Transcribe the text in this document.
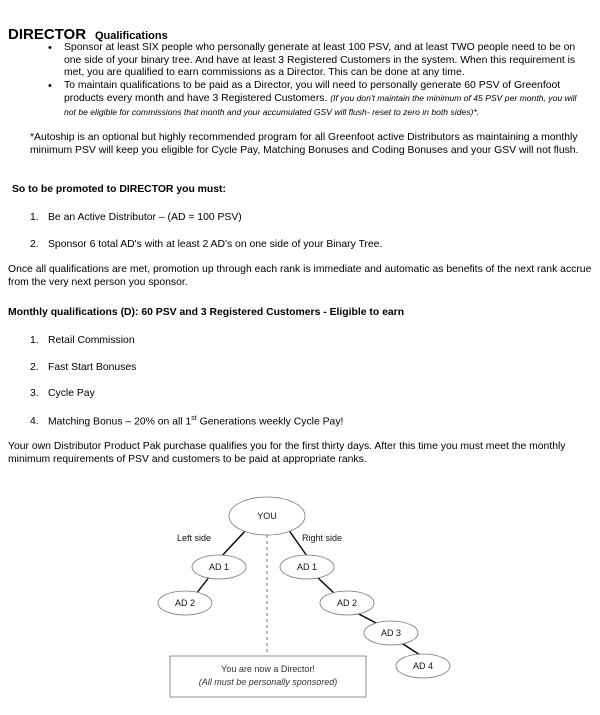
DIRECTOR Qualifications
• Sponsor at least SIX people who personally generate at least 100 PSV, and at least TWO people need to be on one side of your binary tree. And have at least 3 Registered Customers in the system. When this requirement is met, you are qualified to earn commissions as a Director. This can be done at any time.
• To maintain qualifications to be paid as a Director, you will need to personally generate 60 PSV of Greenfoot products every month and have 3 Registered Customers. (If you don't maintain the minimum of 45 PSV per month, you will not be eligible for commissions that month and your accumulated GSV will flush- reset to zero in both sides)*.

*Autoship is an optional but highly recommended program for all Greenfoot active Distributors as maintaining a monthly minimum PSV will keep you eligible for Cycle Pay, Matching Bonuses and Coding Bonuses and your GSV will not flush.

So to be promoted to DIRECTOR you must:

1. Be an Active Distributor – (AD = 100 PSV)

2. Sponsor 6 total AD's with at least 2 AD's on one side of your Binary Tree.

Once all qualifications are met, promotion up through each rank is immediate and automatic as benefits of the next rank accrue from the very next person you sponsor.

Monthly qualifications (D): 60 PSV and 3 Registered Customers - Eligible to earn

1. Retail Commission

2. Fast Start Bonuses

3. Cycle Pay

4. Matching Bonus – 20% on all 1st Generations weekly Cycle Pay!

Your own Distributor Product Pak purchase qualifies you for the first thirty days. After this time you must meet the monthly minimum requirements of PSV and customers to be paid at appropriate ranks.

YOU
Left side	Right side
AD 1	AD 1
AD 2	AD 2
AD 3
AD 4
You are now a Director!
(All must be personally sponsored)
